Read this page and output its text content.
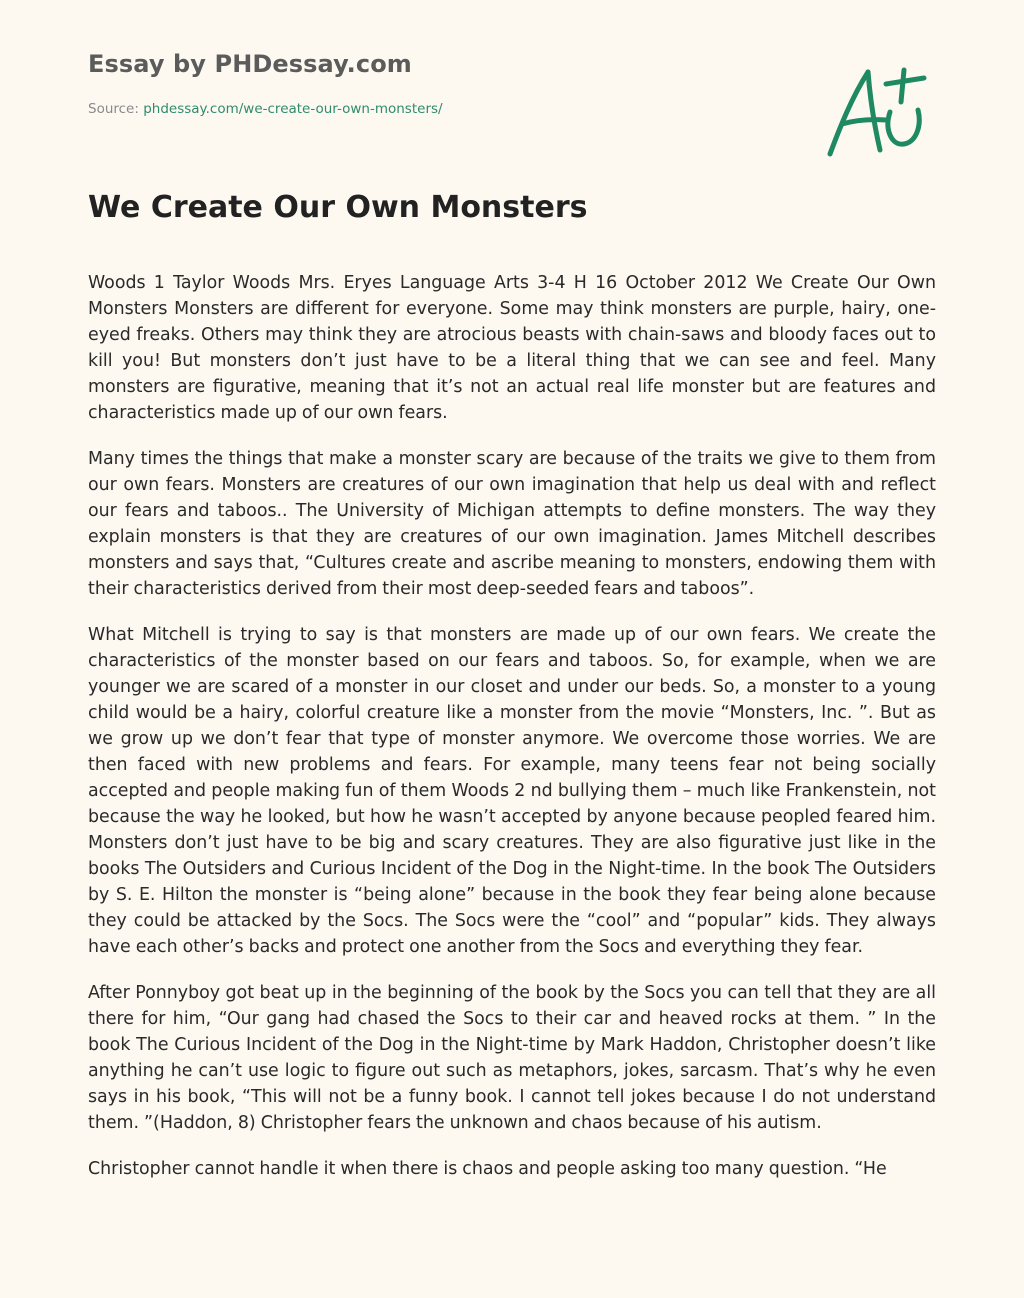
Essay by PHDessay.com
Source: phdessay.com/we-create-our-own-monsters/
We Create Our Own Monsters

Woods 1 Taylor Woods Mrs. Eryes Language Arts 3-4 H 16 October 2012 We Create Our Own Monsters Monsters are different for everyone. Some may think monsters are purple, hairy, one-eyed freaks. Others may think they are atrocious beasts with chain-saws and bloody faces out to kill you! But monsters don’t just have to be a literal thing that we can see and feel. Many monsters are figurative, meaning that it’s not an actual real life monster but are features and characteristics made up of our own fears.

Many times the things that make a monster scary are because of the traits we give to them from our own fears. Monsters are creatures of our own imagination that help us deal with and reflect our fears and taboos.. The University of Michigan attempts to define monsters. The way they explain monsters is that they are creatures of our own imagination. James Mitchell describes monsters and says that, “Cultures create and ascribe meaning to monsters, endowing them with their characteristics derived from their most deep-seeded fears and taboos”.

What Mitchell is trying to say is that monsters are made up of our own fears. We create the characteristics of the monster based on our fears and taboos. So, for example, when we are younger we are scared of a monster in our closet and under our beds. So, a monster to a young child would be a hairy, colorful creature like a monster from the movie “Monsters, Inc. ”. But as we grow up we don’t fear that type of monster anymore. We overcome those worries. We are then faced with new problems and fears. For example, many teens fear not being socially accepted and people making fun of them Woods 2 nd bullying them – much like Frankenstein, not because the way he looked, but how he wasn’t accepted by anyone because peopled feared him. Monsters don’t just have to be big and scary creatures. They are also figurative just like in the books The Outsiders and Curious Incident of the Dog in the Night-time. In the book The Outsiders by S. E. Hilton the monster is “being alone” because in the book they fear being alone because they could be attacked by the Socs. The Socs were the “cool” and “popular” kids. They always have each other’s backs and protect one another from the Socs and everything they fear.

After Ponnyboy got beat up in the beginning of the book by the Socs you can tell that they are all there for him, “Our gang had chased the Socs to their car and heaved rocks at them. ” In the book The Curious Incident of the Dog in the Night-time by Mark Haddon, Christopher doesn’t like anything he can’t use logic to figure out such as metaphors, jokes, sarcasm. That’s why he even says in his book, “This will not be a funny book. I cannot tell jokes because I do not understand them. ”(Haddon, 8) Christopher fears the unknown and chaos because of his autism.

Christopher cannot handle it when there is chaos and people asking too many question. “He
